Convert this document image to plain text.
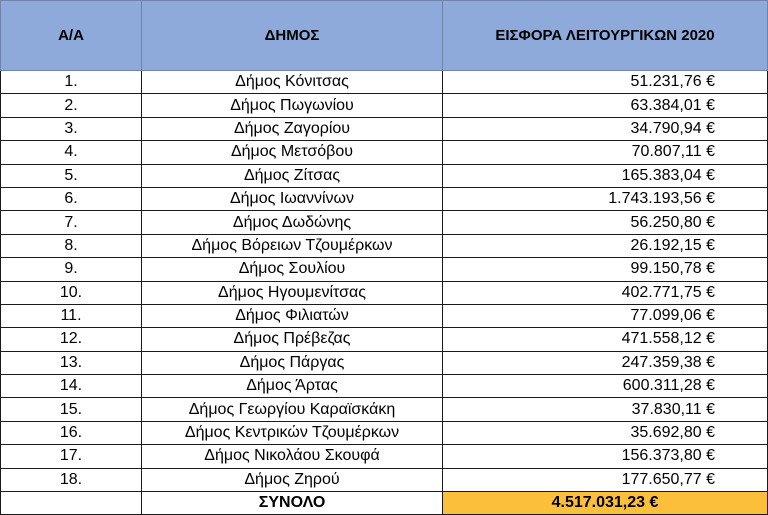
Α/Α	ΔΗΜΟΣ	ΕΙΣΦΟΡΑ ΛΕΙΤΟΥΡΓΙΚΩΝ 2020
1.	Δήμος Κόνιτσας	51.231,76 €
2.	Δήμος Πωγωνίου	63.384,01 €
3.	Δήμος Ζαγορίου	34.790,94 €
4.	Δήμος Μετσόβου	70.807,11 €
5.	Δήμος Ζίτσας	165.383,04 €
6.	Δήμος Ιωαννίνων	1.743.193,56 €
7.	Δήμος Δωδώνης	56.250,80 €
8.	Δήμος Βόρειων Τζουμέρκων	26.192,15 €
9.	Δήμος Σουλίου	99.150,78 €
10.	Δήμος Ηγουμενίτσας	402.771,75 €
11.	Δήμος Φιλιατών	77.099,06 €
12.	Δήμος Πρέβεζας	471.558,12 €
13.	Δήμος Πάργας	247.359,38 €
14.	Δήμος Άρτας	600.311,28 €
15.	Δήμος Γεωργίου Καραϊσκάκη	37.830,11 €
16.	Δήμος Κεντρικών Τζουμέρκων	35.692,80 €
17.	Δήμος Νικολάου Σκουφά	156.373,80 €
18.	Δήμος Ζηρού	177.650,77 €
	ΣΥΝΟΛΟ	4.517.031,23 €
